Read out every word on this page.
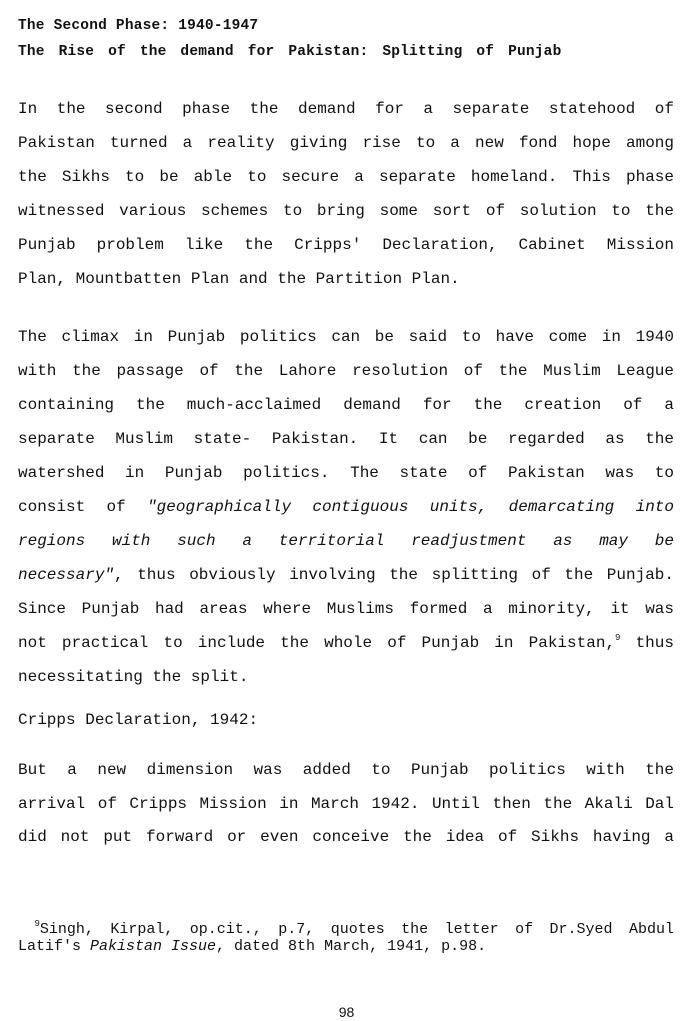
The Second Phase: 1940-1947
The Rise of the demand for Pakistan: Splitting of Punjab
In the second phase the demand for a separate statehood of
Pakistan turned a reality giving rise to a new fond hope among
the Sikhs to be able to secure a separate homeland. This phase
witnessed various schemes to bring some sort of solution to the
Punjab problem like the Cripps' Declaration, Cabinet Mission
Plan, Mountbatten Plan and the Partition Plan.
The climax in Punjab politics can be said to have come in 1940
with the passage of the Lahore resolution of the Muslim League
containing the much-acclaimed demand for the creation of a
separate Muslim state- Pakistan. It can be regarded as the
watershed in Punjab politics. The state of Pakistan was to
consist of "geographically contiguous units, demarcating into
regions with such a territorial readjustment as may be
necessary", thus obviously involving the splitting of the Punjab.
Since Punjab had areas where Muslims formed a minority, it was
not practical to include the whole of Punjab in Pakistan,$^9$ thus
necessitating the split.
Cripps Declaration, 1942:
But a new dimension was added to Punjab politics with the
arrival of Cripps Mission in March 1942. Until then the Akali Dal
did not put forward or even conceive the idea of Sikhs having a
$^9$Singh, Kirpal, op.cit., p.7, quotes the letter of Dr.Syed Abdul
Latif's Pakistan Issue, dated 8th March, 1941, p.98.
98
